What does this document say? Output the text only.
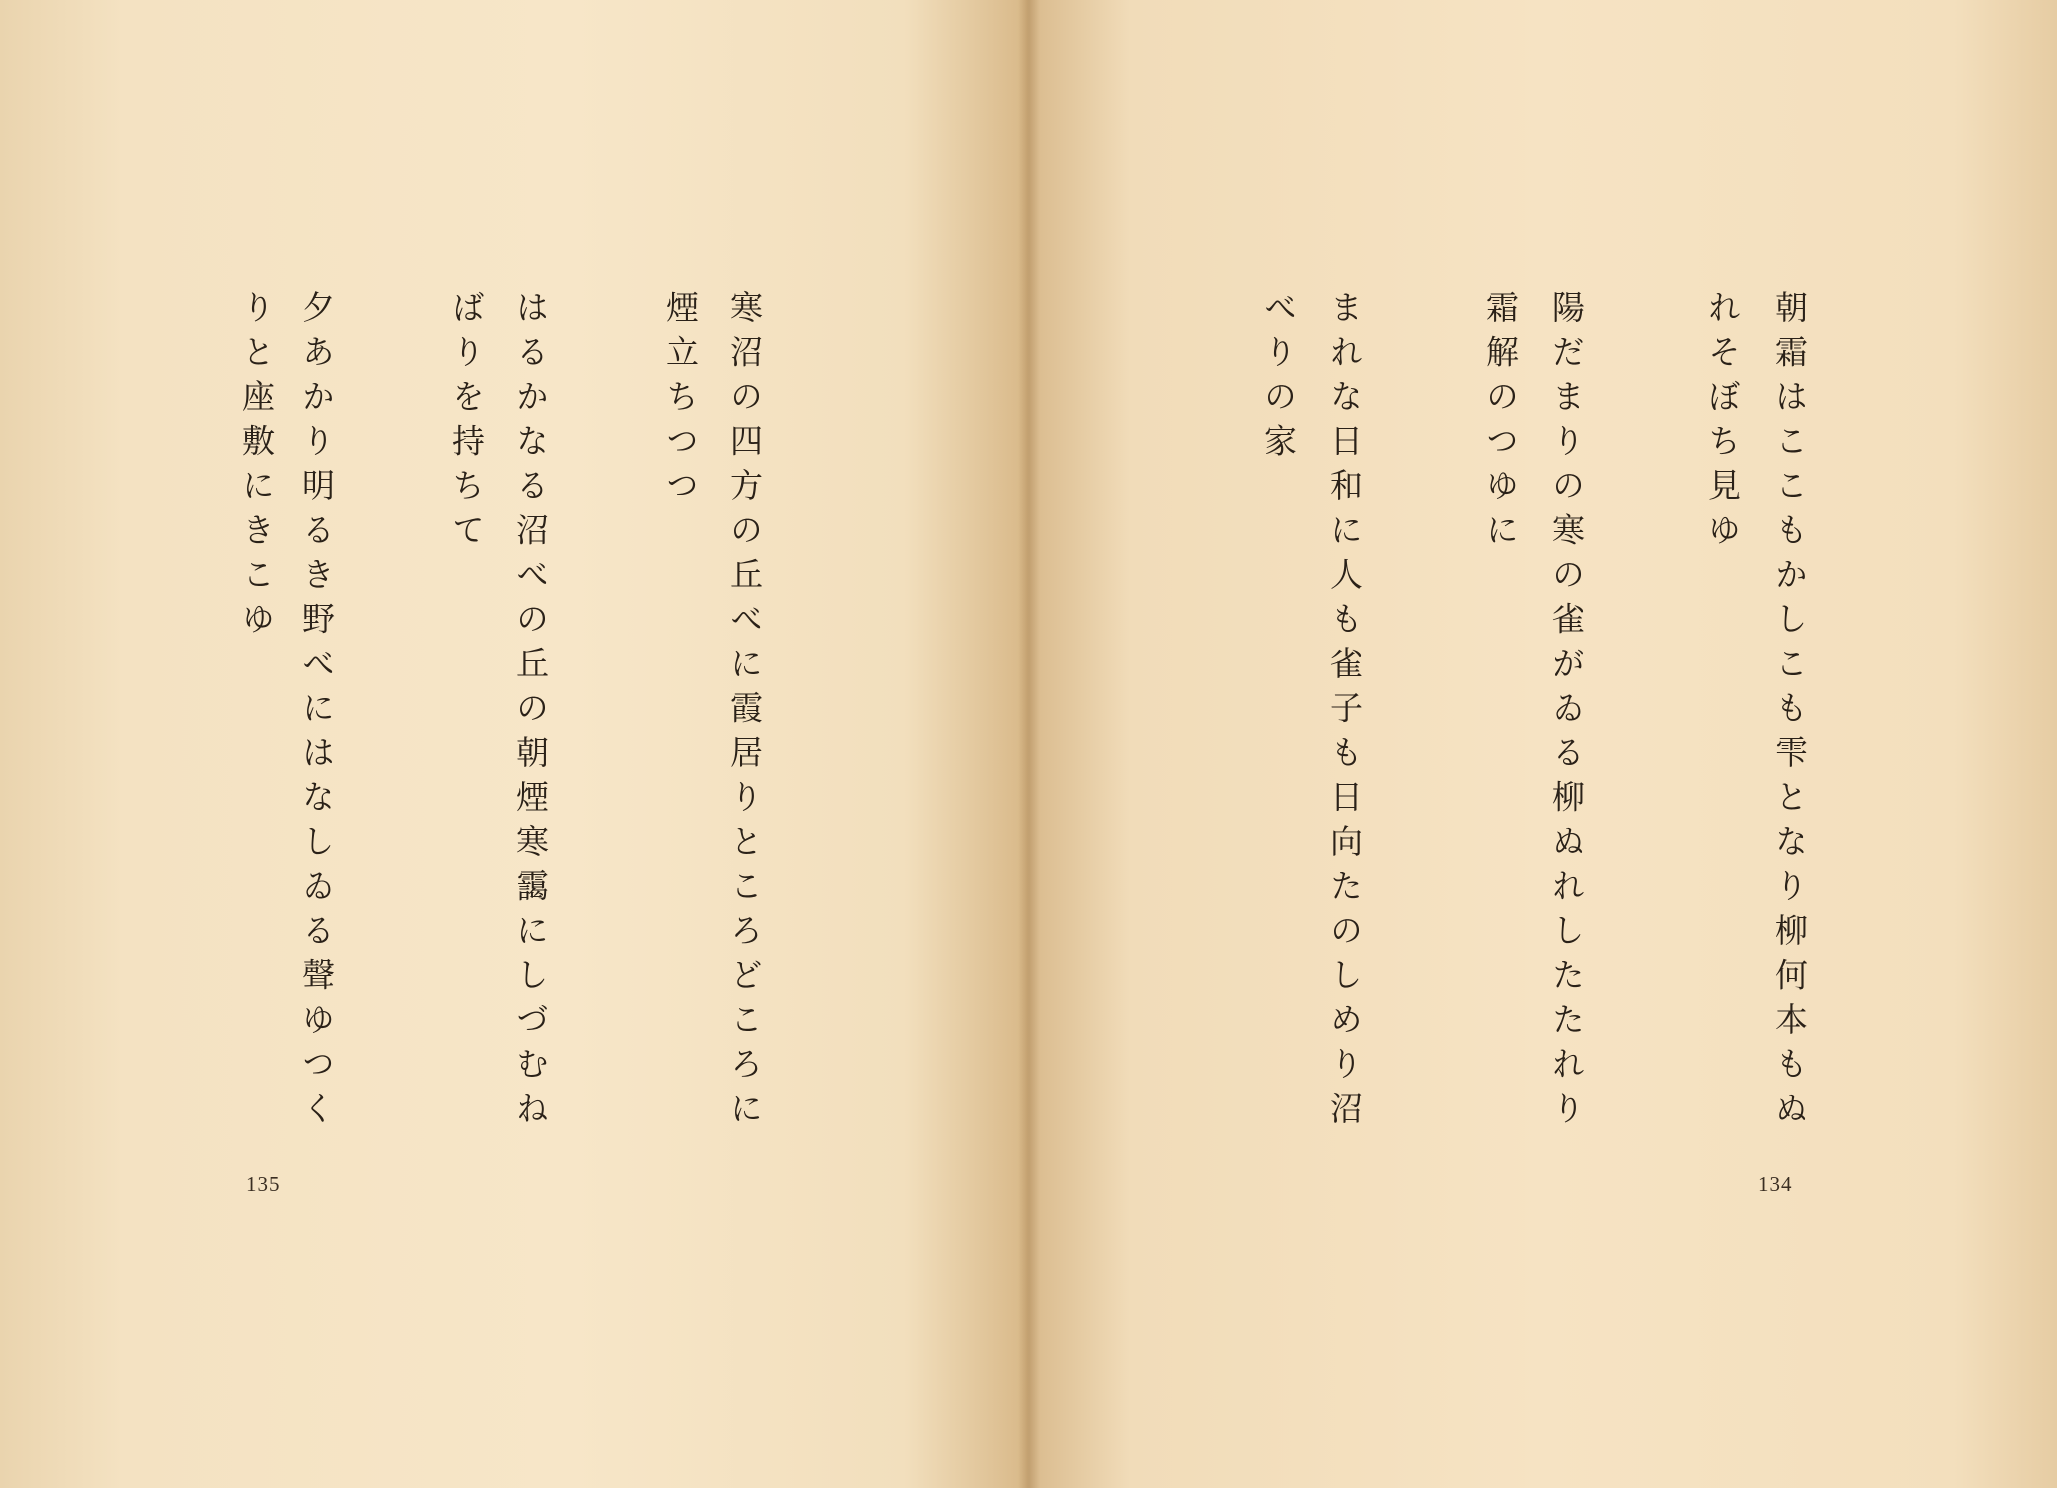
寒沼の四方の丘べに霞居りところどころに
煙立ちつつ
はるかなる沼べの丘の朝煙寒靄にしづむね
ばりを持ちて
夕あかり明るき野べにはなしゐる聲ゆつく
りと座敷にきこゆ
135
朝霜はここもかしこも雫となり柳何本もぬ
れそぼち見ゆ
陽だまりの寒の雀がゐる柳ぬれしたたれり
霜解のつゆに
まれな日和に人も雀子も日向たのしめり沼
べりの家
134
